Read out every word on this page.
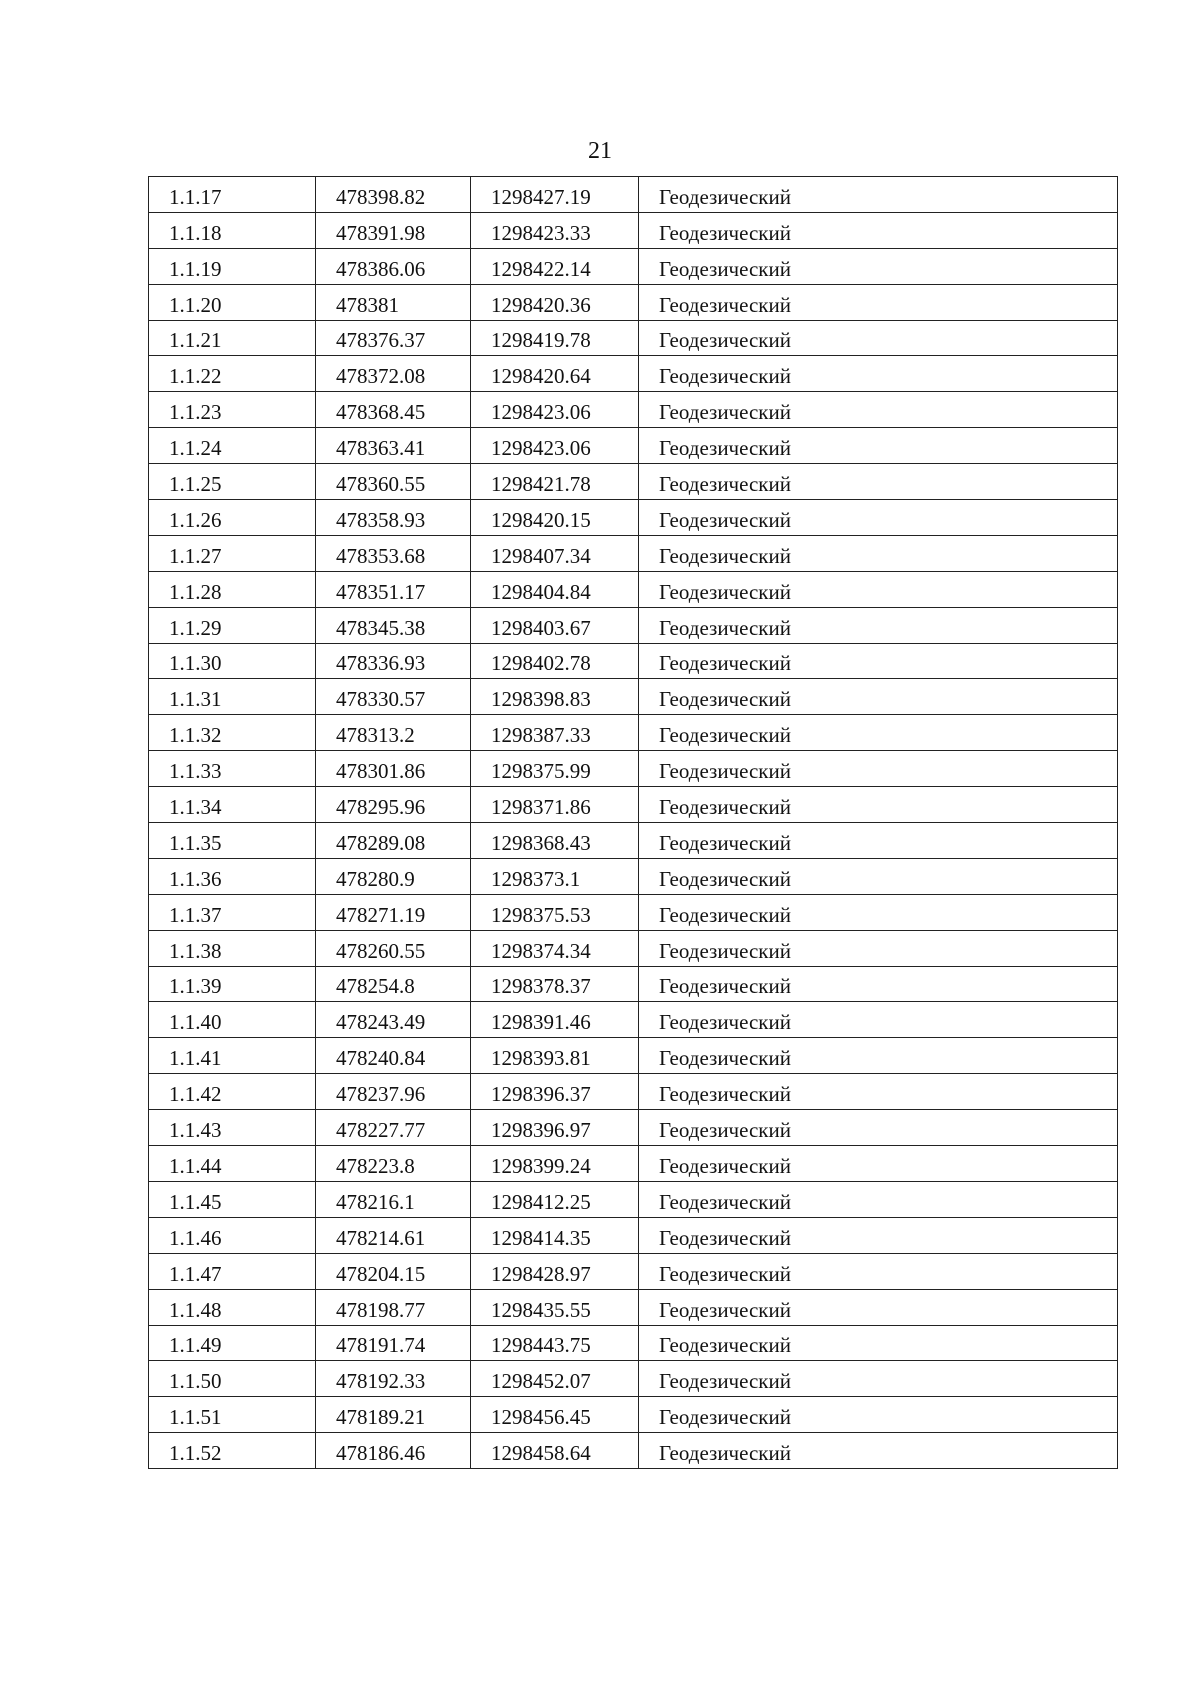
21
1.1.17	478398.82	1298427.19	Геодезический
1.1.18	478391.98	1298423.33	Геодезический
1.1.19	478386.06	1298422.14	Геодезический
1.1.20	478381	1298420.36	Геодезический
1.1.21	478376.37	1298419.78	Геодезический
1.1.22	478372.08	1298420.64	Геодезический
1.1.23	478368.45	1298423.06	Геодезический
1.1.24	478363.41	1298423.06	Геодезический
1.1.25	478360.55	1298421.78	Геодезический
1.1.26	478358.93	1298420.15	Геодезический
1.1.27	478353.68	1298407.34	Геодезический
1.1.28	478351.17	1298404.84	Геодезический
1.1.29	478345.38	1298403.67	Геодезический
1.1.30	478336.93	1298402.78	Геодезический
1.1.31	478330.57	1298398.83	Геодезический
1.1.32	478313.2	1298387.33	Геодезический
1.1.33	478301.86	1298375.99	Геодезический
1.1.34	478295.96	1298371.86	Геодезический
1.1.35	478289.08	1298368.43	Геодезический
1.1.36	478280.9	1298373.1	Геодезический
1.1.37	478271.19	1298375.53	Геодезический
1.1.38	478260.55	1298374.34	Геодезический
1.1.39	478254.8	1298378.37	Геодезический
1.1.40	478243.49	1298391.46	Геодезический
1.1.41	478240.84	1298393.81	Геодезический
1.1.42	478237.96	1298396.37	Геодезический
1.1.43	478227.77	1298396.97	Геодезический
1.1.44	478223.8	1298399.24	Геодезический
1.1.45	478216.1	1298412.25	Геодезический
1.1.46	478214.61	1298414.35	Геодезический
1.1.47	478204.15	1298428.97	Геодезический
1.1.48	478198.77	1298435.55	Геодезический
1.1.49	478191.74	1298443.75	Геодезический
1.1.50	478192.33	1298452.07	Геодезический
1.1.51	478189.21	1298456.45	Геодезический
1.1.52	478186.46	1298458.64	Геодезический
